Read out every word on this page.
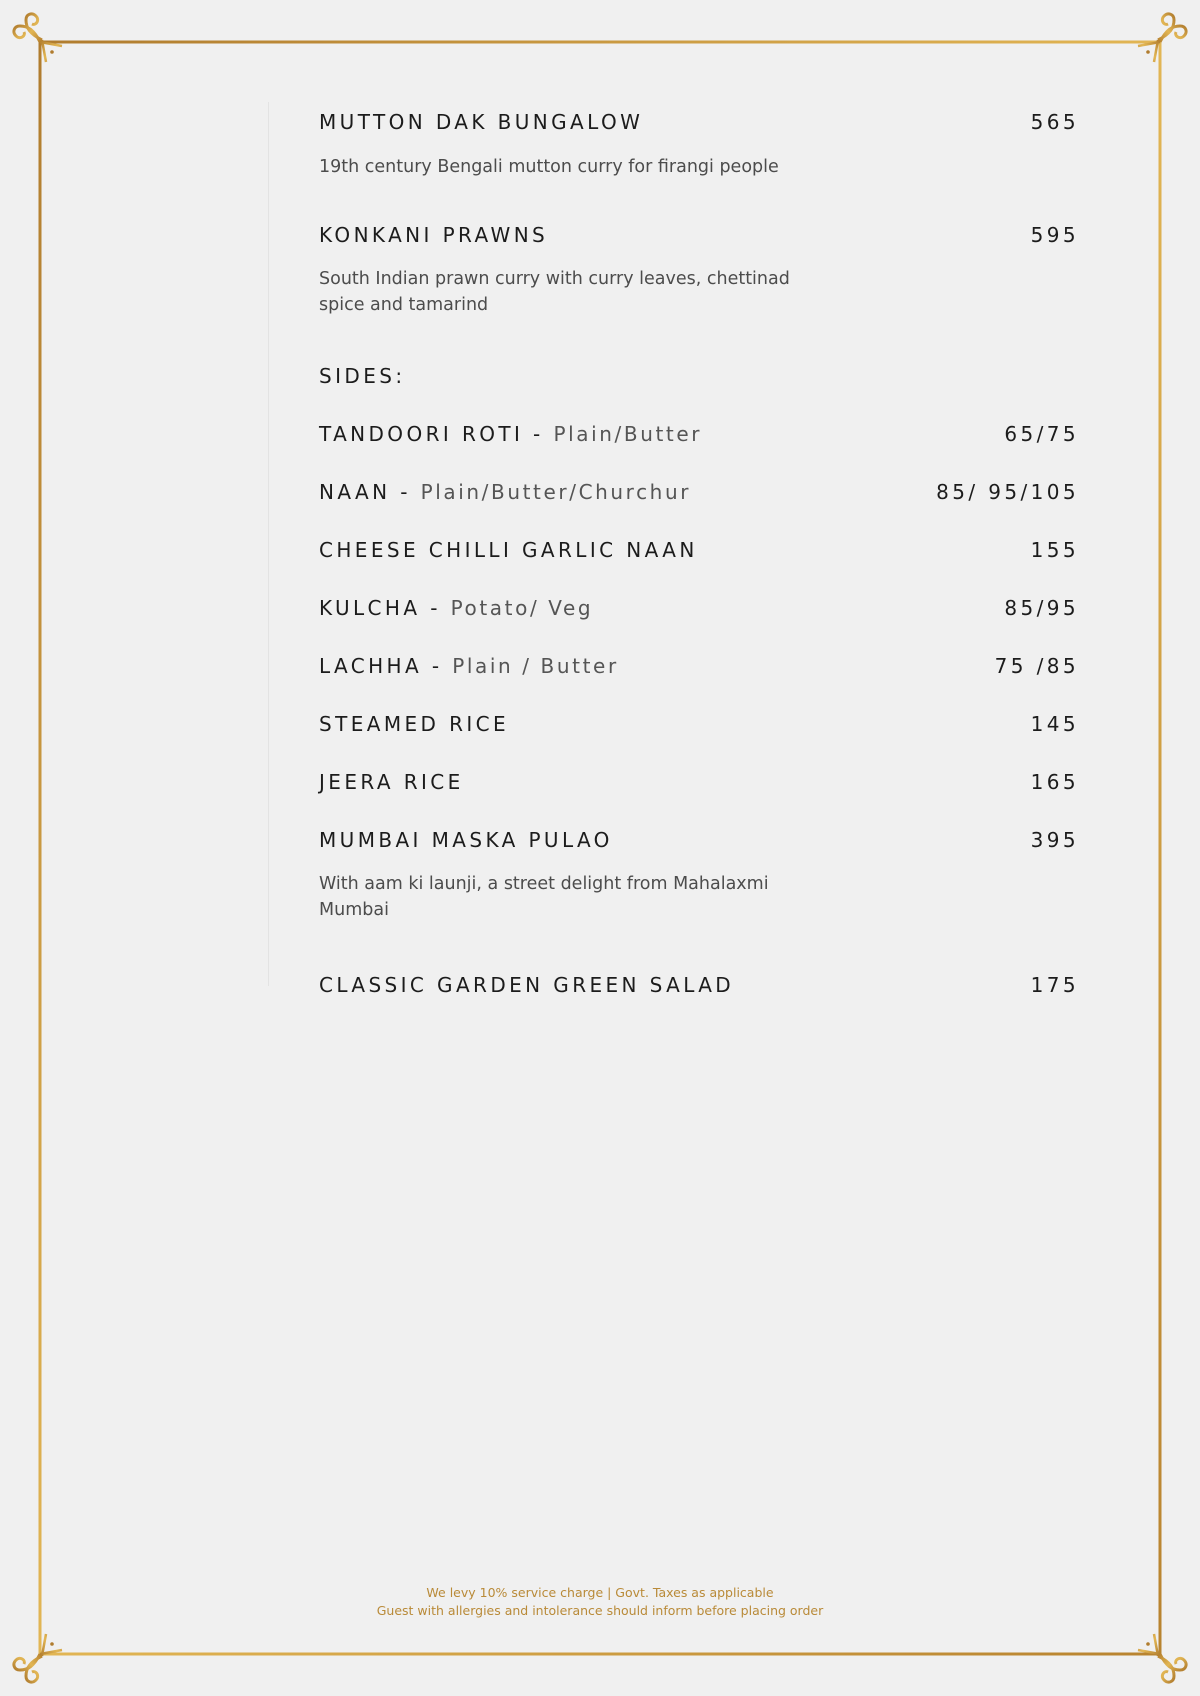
MUTTON DAK BUNGALOW	565
19th century Bengali mutton curry for firangi people
KONKANI PRAWNS	595
South Indian prawn curry with curry leaves, chettinad spice and tamarind
SIDES:
TANDOORI ROTI - Plain/Butter	65/75
NAAN - Plain/Butter/Churchur	85/ 95/105
CHEESE CHILLI GARLIC NAAN	155
KULCHA - Potato/ Veg	85/95
LACHHA - Plain / Butter	75 /85
STEAMED RICE	145
JEERA RICE	165
MUMBAI MASKA PULAO	395
With aam ki launji, a street delight from Mahalaxmi Mumbai
CLASSIC GARDEN GREEN SALAD	175
We levy 10% service charge | Govt. Taxes as applicable
Guest with allergies and intolerance should inform before placing order
